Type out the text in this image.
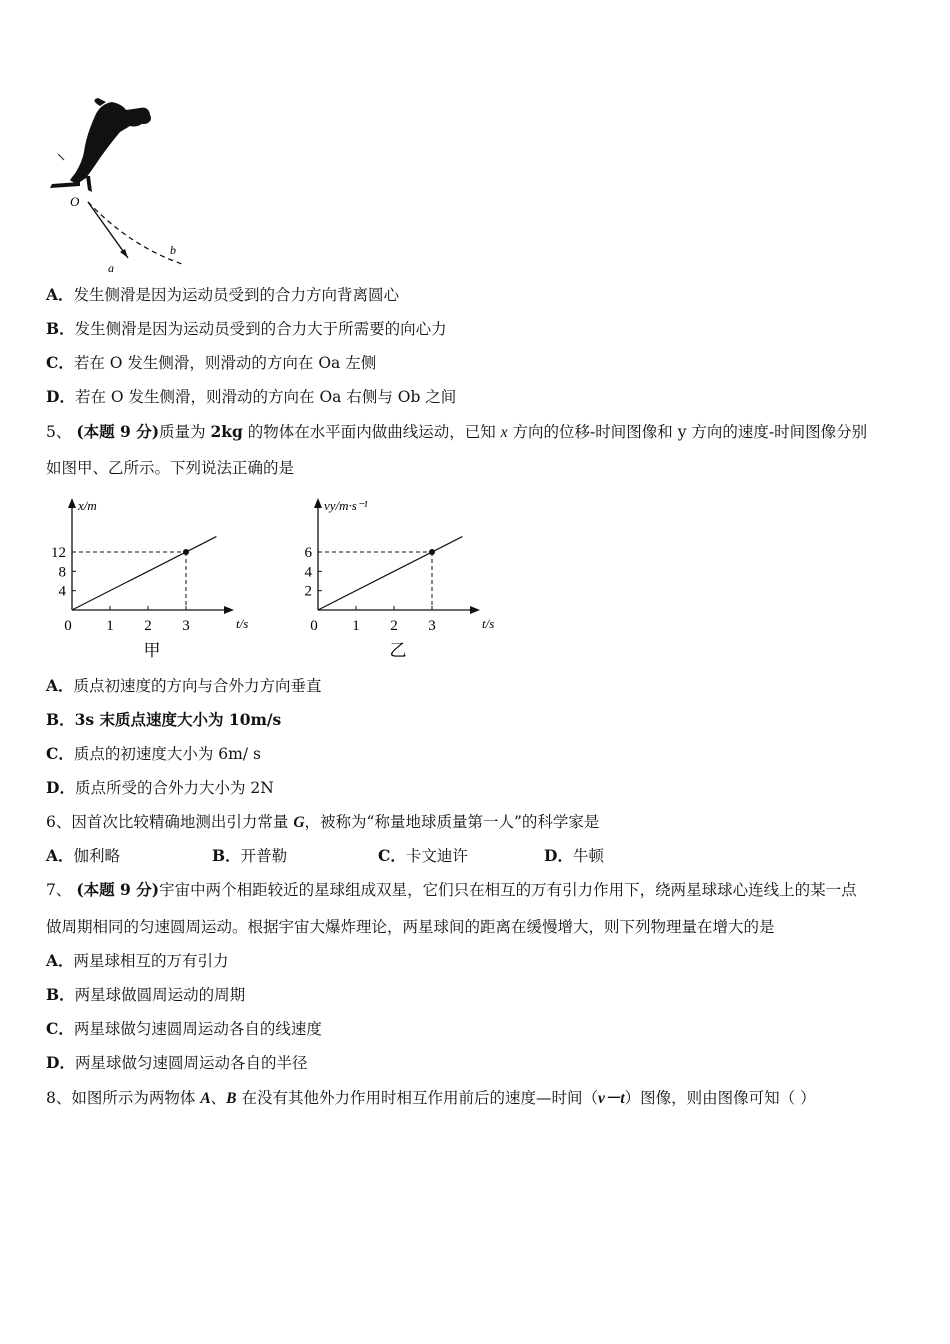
O
a
b
A．发生侧滑是因为运动员受到的合力方向背离圆心
B．发生侧滑是因为运动员受到的合力大于所需要的向心力
C．若在 O 发生侧滑，则滑动的方向在 Oa 左侧
D．若在 O 发生侧滑，则滑动的方向在 Oa 右侧与 Ob 之间
5、 (本题 9 分)质量为 2kg 的物体在水平面内做曲线运动，已知 x 方向的位移-时间图像和 y 方向的速度-时间图像分别
如图甲、乙所示。下列说法正确的是
x/m
t/s
12
8
4
0 1 2 3
甲
vy/m·s⁻¹
t/s
6
4
2
0 1 2 3
乙
A．质点初速度的方向与合外力方向垂直
B．3s 末质点速度大小为 10m/s
C．质点的初速度大小为 6m/ s
D．质点所受的合外力大小为 2N
6、因首次比较精确地测出引力常量 G，被称为“称量地球质量第一人”的科学家是
A．伽利略	B．开普勒	C．卡文迪许	D．牛顿
7、 (本题 9 分)宇宙中两个相距较近的星球组成双星，它们只在相互的万有引力作用下，绕两星球球心连线上的某一点
做周期相同的匀速圆周运动。根据宇宙大爆炸理论，两星球间的距离在缓慢增大，则下列物理量在增大的是
A．两星球相互的万有引力
B．两星球做圆周运动的周期
C．两星球做匀速圆周运动各自的线速度
D．两星球做匀速圆周运动各自的半径
8、如图所示为两物体 A、B 在没有其他外力作用时相互作用前后的速度—时间（v－t）图像，则由图像可知（ ）
